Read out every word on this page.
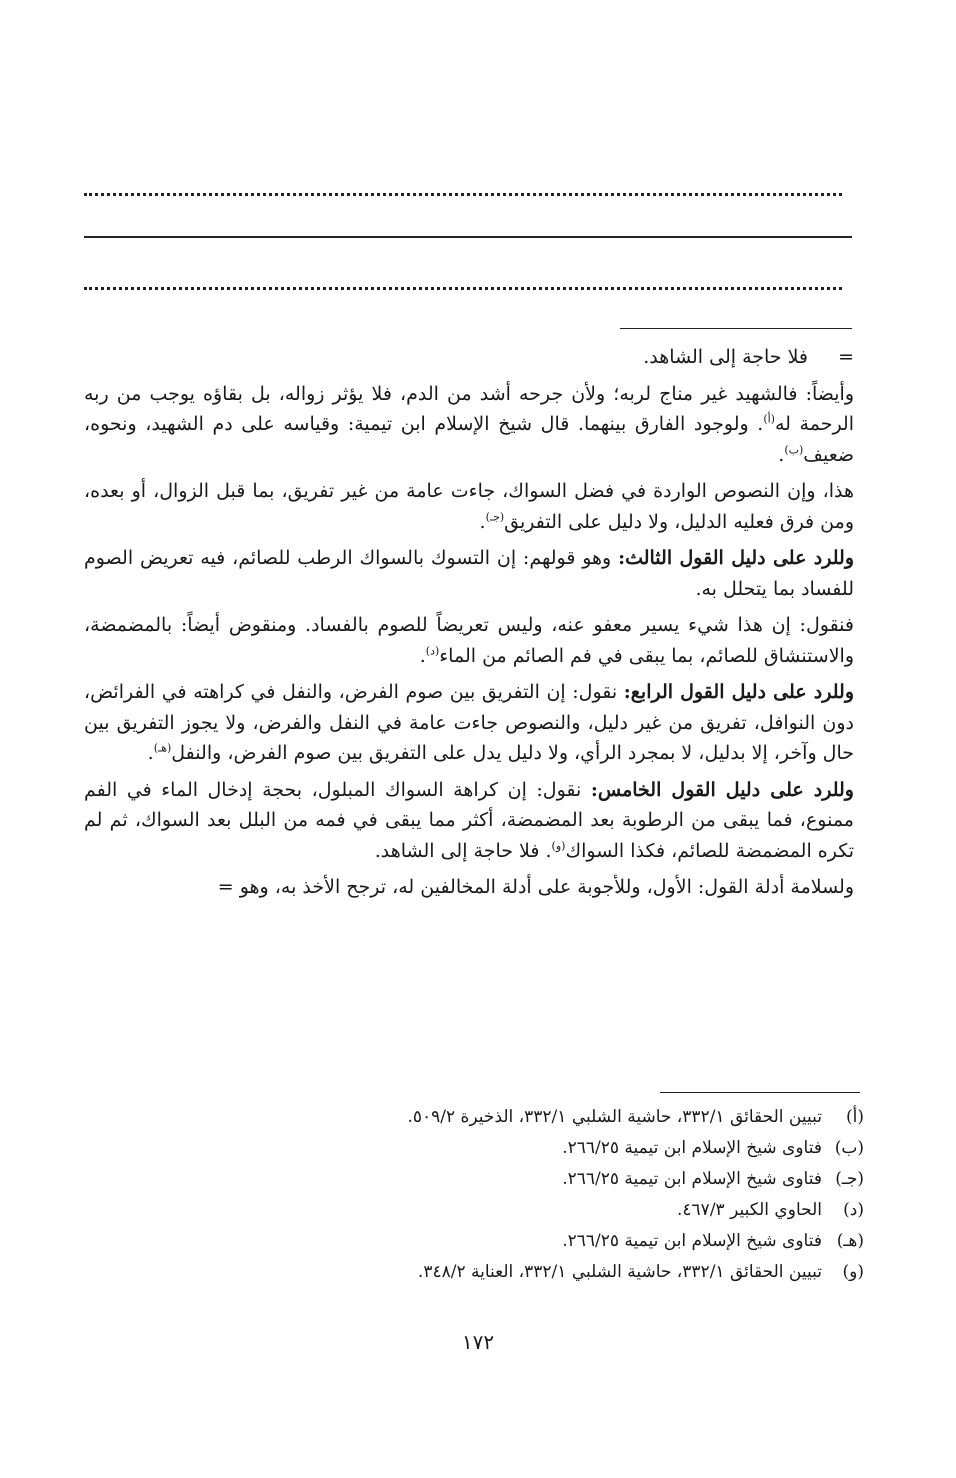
=فلا حاجة إلى الشاهد.

وأيضاً: فالشهيد غير مناج لربه؛ ولأن جرحه أشد من الدم، فلا يؤثر زواله، بل بقاؤه يوجب من ربه الرحمة له$^{(أ)}$. ولوجود الفارق بينهما. قال شيخ الإسلام ابن تيمية: وقياسه على دم الشهيد، ونحوه، ضعيف$^{(ب)}$.

هذا، وإن النصوص الواردة في فضل السواك، جاءت عامة من غير تفريق، بما قبل الزوال، أو بعده، ومن فرق فعليه الدليل، ولا دليل على التفريق$^{(جـ)}$.

وللرد على دليل القول الثالث: وهو قولهم: إن التسوك بالسواك الرطب للصائم، فيه تعريض الصوم للفساد بما يتحلل به.

فنقول: إن هذا شيء يسير معفو عنه، وليس تعريضاً للصوم بالفساد. ومنقوض أيضاً: بالمضمضة، والاستنشاق للصائم، بما يبقى في فم الصائم من الماء$^{(د)}$.

وللرد على دليل القول الرابع: نقول: إن التفريق بين صوم الفرض، والنفل في كراهته في الفرائض، دون النوافل، تفريق من غير دليل، والنصوص جاءت عامة في النفل والفرض، ولا يجوز التفريق بين حال وآخر، إلا بدليل، لا بمجرد الرأي، ولا دليل يدل على التفريق بين صوم الفرض، والنفل$^{(هـ)}$.

وللرد على دليل القول الخامس: نقول: إن كراهة السواك المبلول، بحجة إدخال الماء في الفم ممنوع، فما يبقى من الرطوبة بعد المضمضة، أكثر مما يبقى في فمه من البلل بعد السواك، ثم لم تكره المضمضة للصائم، فكذا السواك$^{(و)}$. فلا حاجة إلى الشاهد.

ولسلامة أدلة القول: الأول، وللأجوبة على أدلة المخالفين له، ترجح الأخذ به، وهو =

(أ)
تبيين الحقائق ٣٣٢/١، حاشية الشلبي ٣٣٢/١، الذخيرة ٥٠٩/٢.
(ب)
فتاوى شيخ الإسلام ابن تيمية ٢٦٦/٢٥.
(جـ)
فتاوى شيخ الإسلام ابن تيمية ٢٦٦/٢٥.
(د)
الحاوي الكبير ٤٦٧/٣.
(هـ)
فتاوى شيخ الإسلام ابن تيمية ٢٦٦/٢٥.
(و)
تبيين الحقائق ٣٣٢/١، حاشية الشلبي ٣٣٢/١، العناية ٣٤٨/٢.
١٧٢
